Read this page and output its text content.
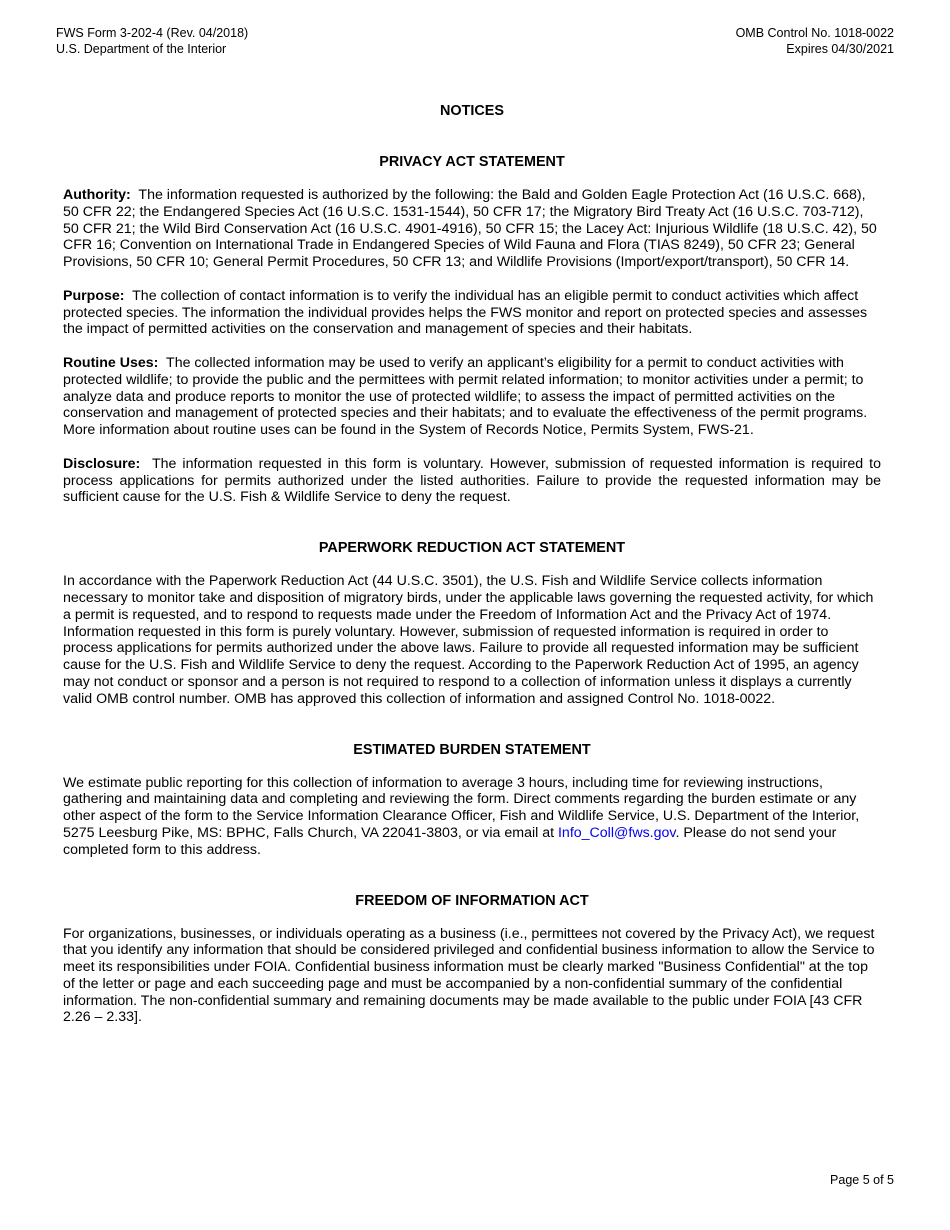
FWS Form 3-202-4 (Rev. 04/2018)
U.S. Department of the Interior
OMB Control No. 1018-0022
Expires 04/30/2021
NOTICES
PRIVACY ACT STATEMENT

Authority: The information requested is authorized by the following: the Bald and Golden Eagle Protection Act (16 U.S.C. 668), 50 CFR 22; the Endangered Species Act (16 U.S.C. 1531-1544), 50 CFR 17; the Migratory Bird Treaty Act (16 U.S.C. 703-712), 50 CFR 21; the Wild Bird Conservation Act (16 U.S.C. 4901-4916), 50 CFR 15; the Lacey Act: Injurious Wildlife (18 U.S.C. 42), 50 CFR 16; Convention on International Trade in Endangered Species of Wild Fauna and Flora (TIAS 8249), 50 CFR 23; General Provisions, 50 CFR 10; General Permit Procedures, 50 CFR 13; and Wildlife Provisions (Import/export/transport), 50 CFR 14.

Purpose: The collection of contact information is to verify the individual has an eligible permit to conduct activities which affect protected species. The information the individual provides helps the FWS monitor and report on protected species and assesses the impact of permitted activities on the conservation and management of species and their habitats.

Routine Uses: The collected information may be used to verify an applicant’s eligibility for a permit to conduct activities with protected wildlife; to provide the public and the permittees with permit related information; to monitor activities under a permit; to analyze data and produce reports to monitor the use of protected wildlife; to assess the impact of permitted activities on the conservation and management of protected species and their habitats; and to evaluate the effectiveness of the permit programs. More information about routine uses can be found in the System of Records Notice, Permits System, FWS-21.

Disclosure: The information requested in this form is voluntary. However, submission of requested information is required to process applications for permits authorized under the listed authorities. Failure to provide the requested information may be sufficient cause for the U.S. Fish & Wildlife Service to deny the request.

PAPERWORK REDUCTION ACT STATEMENT

In accordance with the Paperwork Reduction Act (44 U.S.C. 3501), the U.S. Fish and Wildlife Service collects information necessary to monitor take and disposition of migratory birds, under the applicable laws governing the requested activity, for which a permit is requested, and to respond to requests made under the Freedom of Information Act and the Privacy Act of 1974. Information requested in this form is purely voluntary. However, submission of requested information is required in order to process applications for permits authorized under the above laws. Failure to provide all requested information may be sufficient cause for the U.S. Fish and Wildlife Service to deny the request. According to the Paperwork Reduction Act of 1995, an agency may not conduct or sponsor and a person is not required to respond to a collection of information unless it displays a currently valid OMB control number. OMB has approved this collection of information and assigned Control No. 1018-0022.

ESTIMATED BURDEN STATEMENT

We estimate public reporting for this collection of information to average 3 hours, including time for reviewing instructions, gathering and maintaining data and completing and reviewing the form. Direct comments regarding the burden estimate or any other aspect of the form to the Service Information Clearance Officer, Fish and Wildlife Service, U.S. Department of the Interior, 5275 Leesburg Pike, MS: BPHC, Falls Church, VA 22041-3803, or via email at Info_Coll@fws.gov. Please do not send your completed form to this address.

FREEDOM OF INFORMATION ACT

For organizations, businesses, or individuals operating as a business (i.e., permittees not covered by the Privacy Act), we request that you identify any information that should be considered privileged and confidential business information to allow the Service to meet its responsibilities under FOIA. Confidential business information must be clearly marked "Business Confidential" at the top of the letter or page and each succeeding page and must be accompanied by a non-confidential summary of the confidential information. The non-confidential summary and remaining documents may be made available to the public under FOIA [43 CFR 2.26 – 2.33].

Page 5 of 5
